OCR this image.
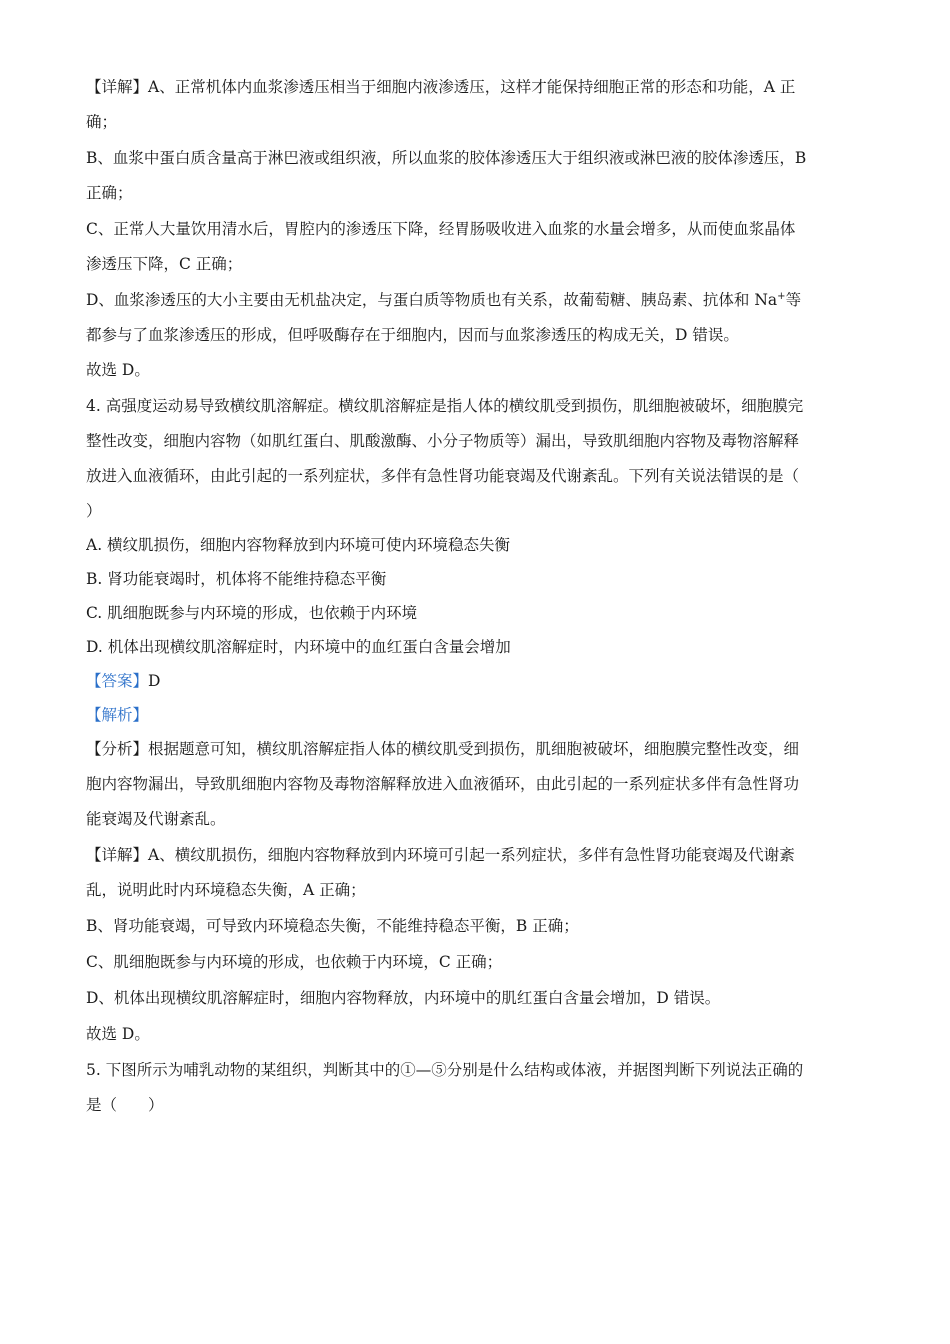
【详解】A、正常机体内血浆渗透压相当于细胞内液渗透压，这样才能保持细胞正常的形态和功能，A 正
确；
B、血浆中蛋白质含量高于淋巴液或组织液，所以血浆的胶体渗透压大于组织液或淋巴液的胶体渗透压，B
正确；
C、正常人大量饮用清水后，胃腔内的渗透压下降，经胃肠吸收进入血浆的水量会增多，从而使血浆晶体
渗透压下降，C 正确；
D、血浆渗透压的大小主要由无机盐决定，与蛋白质等物质也有关系，故葡萄糖、胰岛素、抗体和 Na+等
都参与了血浆渗透压的形成，但呼吸酶存在于细胞内，因而与血浆渗透压的构成无关，D 错误。
故选 D。
4. 高强度运动易导致横纹肌溶解症。横纹肌溶解症是指人体的横纹肌受到损伤，肌细胞被破坏，细胞膜完
整性改变，细胞内容物（如肌红蛋白、肌酸激酶、小分子物质等）漏出，导致肌细胞内容物及毒物溶解释
放进入血液循环，由此引起的一系列症状，多伴有急性肾功能衰竭及代谢紊乱。下列有关说法错误的是（
）
A. 横纹肌损伤，细胞内容物释放到内环境可使内环境稳态失衡
B. 肾功能衰竭时，机体将不能维持稳态平衡
C. 肌细胞既参与内环境的形成，也依赖于内环境
D. 机体出现横纹肌溶解症时，内环境中的血红蛋白含量会增加
【答案】D
【解析】
【分析】根据题意可知，横纹肌溶解症指人体的横纹肌受到损伤，肌细胞被破坏，细胞膜完整性改变，细
胞内容物漏出，导致肌细胞内容物及毒物溶解释放进入血液循环，由此引起的一系列症状多伴有急性肾功
能衰竭及代谢紊乱。
【详解】A、横纹肌损伤，细胞内容物释放到内环境可引起一系列症状，多伴有急性肾功能衰竭及代谢紊
乱，说明此时内环境稳态失衡，A 正确；
B、肾功能衰竭，可导致内环境稳态失衡，不能维持稳态平衡，B 正确；
C、肌细胞既参与内环境的形成，也依赖于内环境，C 正确；
D、机体出现横纹肌溶解症时，细胞内容物释放，内环境中的肌红蛋白含量会增加，D 错误。
故选 D。
5. 下图所示为哺乳动物的某组织，判断其中的①—⑤分别是什么结构或体液，并据图判断下列说法正确的
是（　　）
